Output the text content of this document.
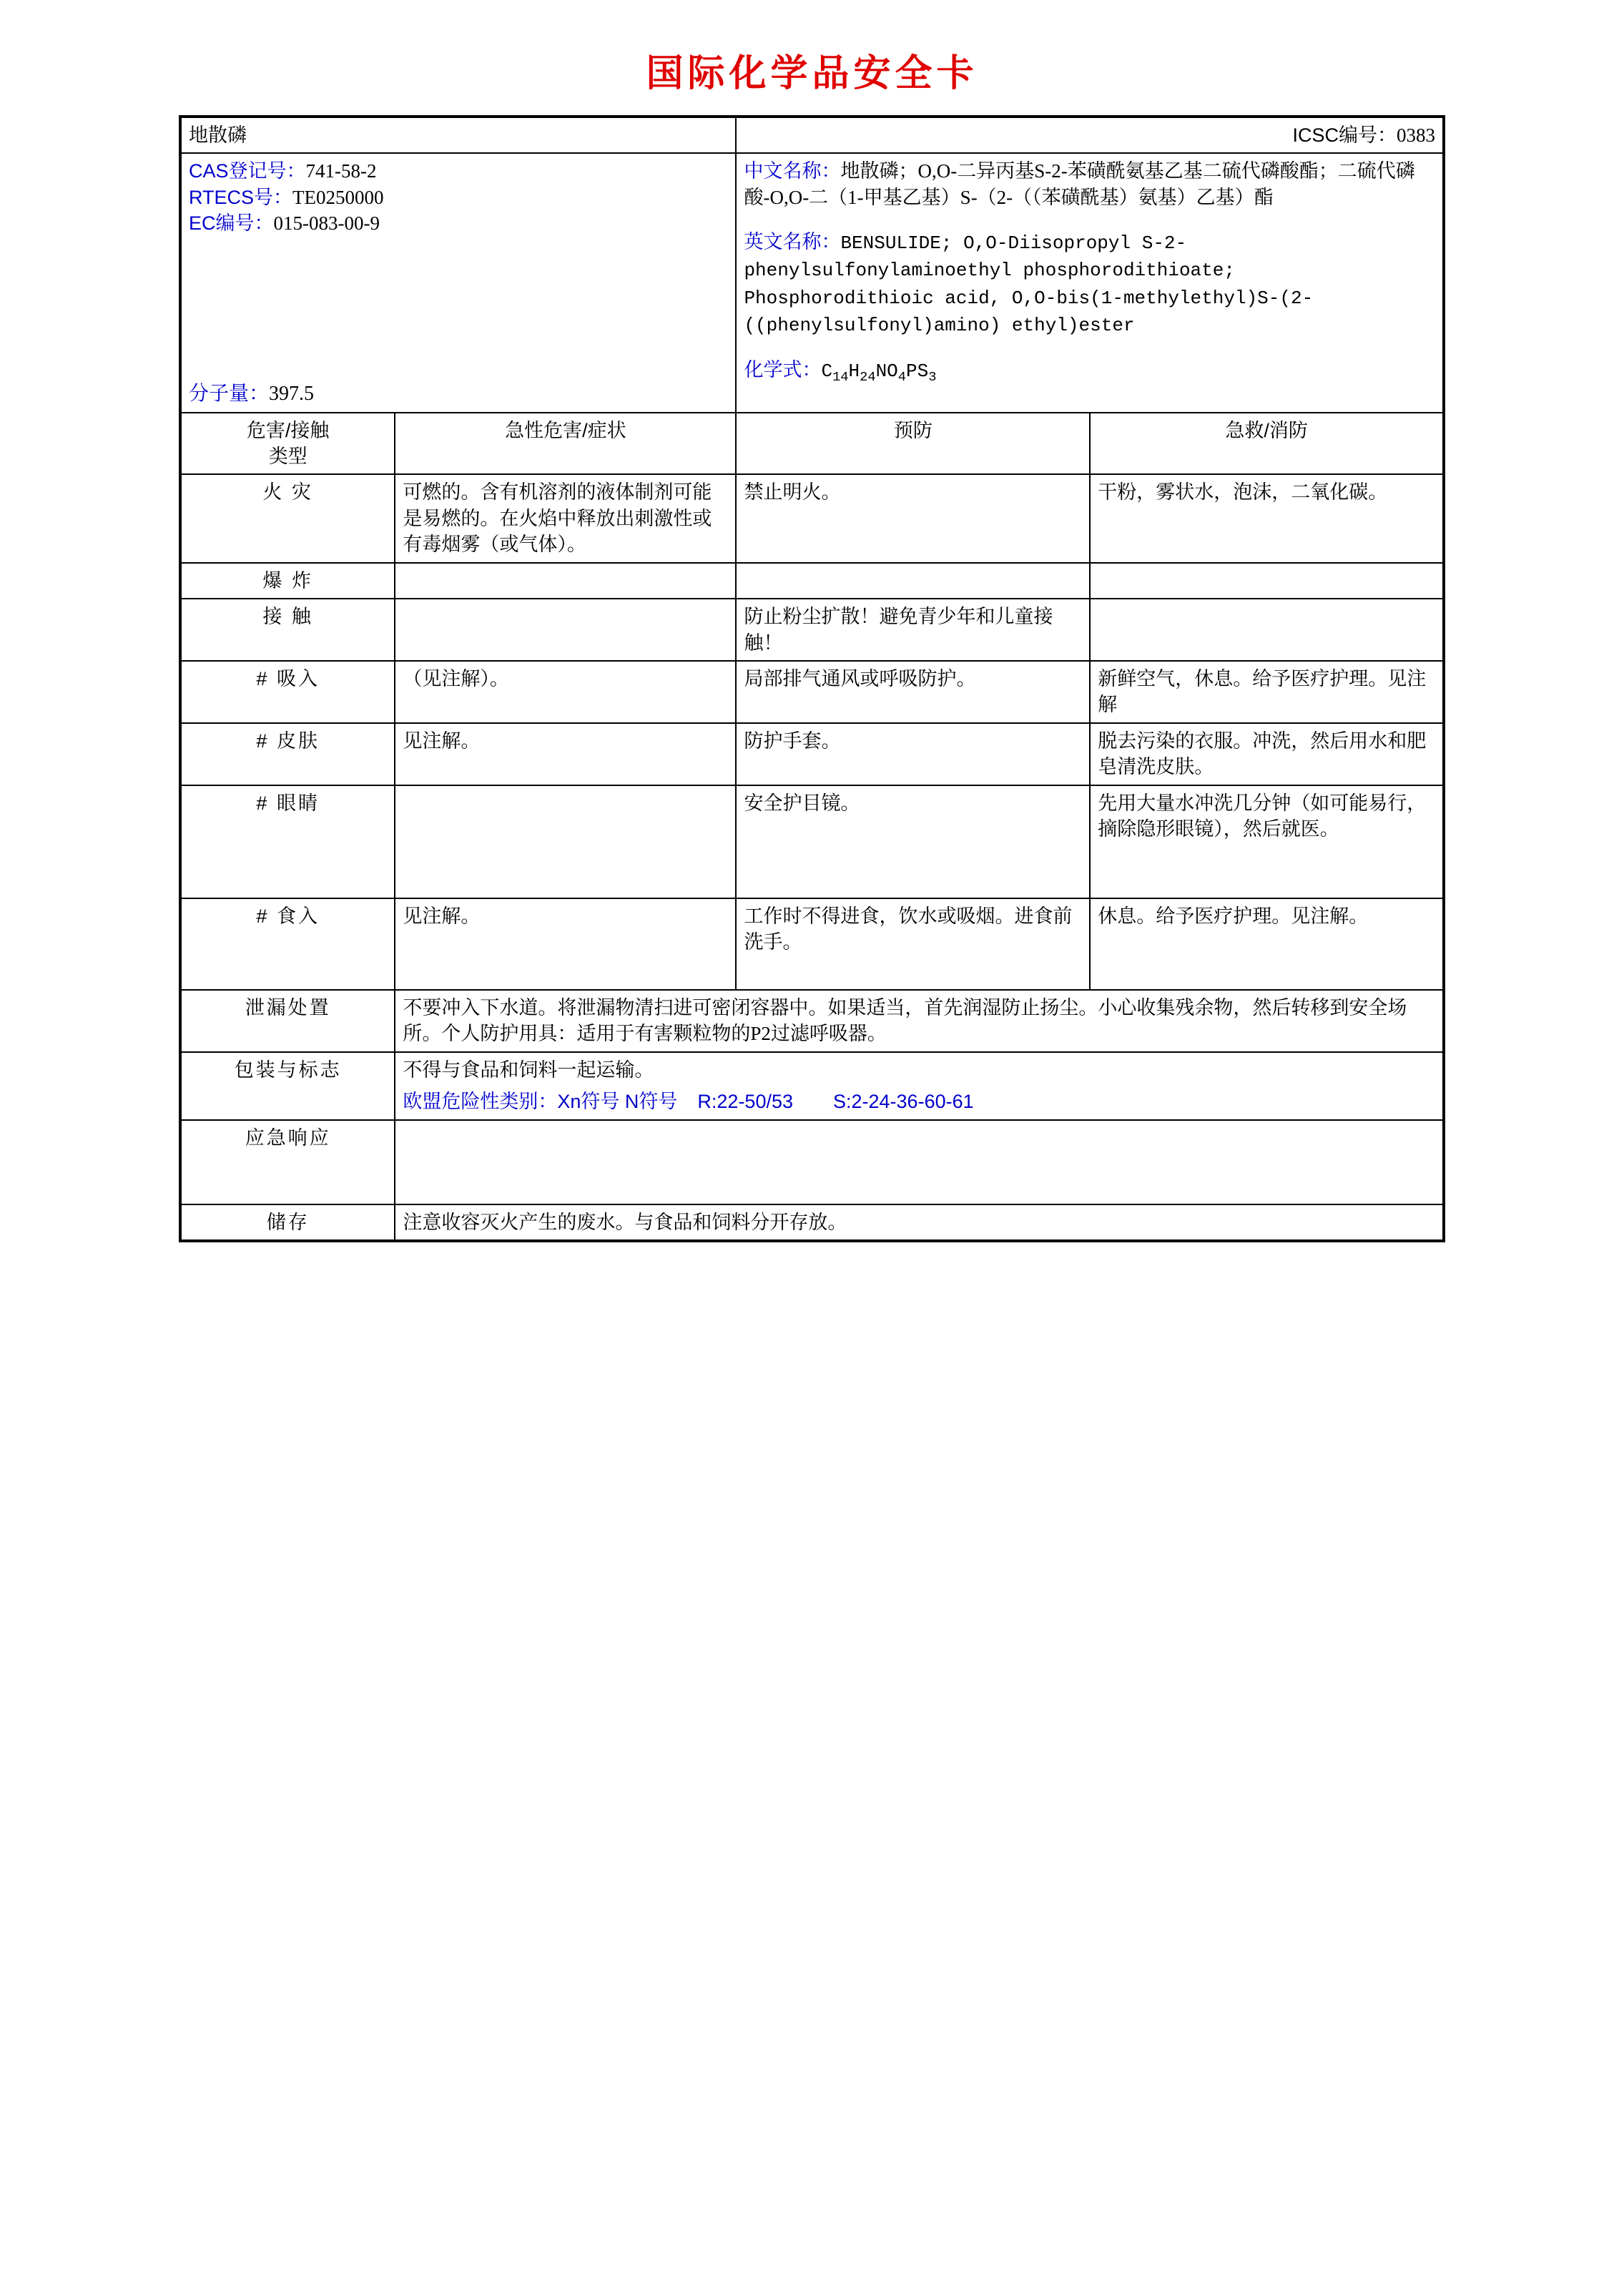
国际化学品安全卡
地散磷		ICSC编号：0383	

CAS登记号：741-58-2
RTECS号：TE0250000
EC编号：015-083-00-9
分子量：397.5

中文名称：地散磷；O,O-二异丙基S-2-苯磺酰氨基乙基二硫代磷酸酯；二硫代磷酸-O,O-二（1-甲基乙基）S-（2-（（苯磺酰基）氨基）乙基）酯
英文名称：BENSULIDE; O,O-Diisopropyl S-2-phenylsulfonylaminoethyl phosphorodithioate; Phosphorodithioic acid, O,O-bis(1-methylethyl)S-(2-((phenylsulfonyl)amino) ethyl)ester
化学式：$C_{14}H_{24}NO_4PS_3$

危害/接触
类型	急性危害/症状	预防	急救/消防
火 灾	可燃的。含有机溶剂的液体制剂可能是易燃的。在火焰中释放出刺激性或有毒烟雾（或气体）。	禁止明火。	干粉，雾状水，泡沫，二氧化碳。
爆 炸			
接 触		防止粉尘扩散！避免青少年和儿童接触！	
# 吸入	（见注解）。	局部排气通风或呼吸防护。	新鲜空气，休息。给予医疗护理。见注解
# 皮肤	见注解。	防护手套。	脱去污染的衣服。冲洗，然后用水和肥皂清洗皮肤。
# 眼睛		安全护目镜。	先用大量水冲洗几分钟（如可能易行，摘除隐形眼镜），然后就医。
# 食入	见注解。	工作时不得进食，饮水或吸烟。进食前洗手。	休息。给予医疗护理。见注解。
泄漏处置	不要冲入下水道。将泄漏物清扫进可密闭容器中。如果适当，首先润湿防止扬尘。小心收集残余物，然后转移到安全场所。个人防护用具：适用于有害颗粒物的P2过滤呼吸器。		
包装与标志	不得与食品和饲料一起运输。
欧盟危险性类别：Xn符号 N符号 R:22-50/53 S:2-24-36-60-61		

应急响应			
储存	注意收容灭火产生的废水。与食品和饲料分开存放。		
